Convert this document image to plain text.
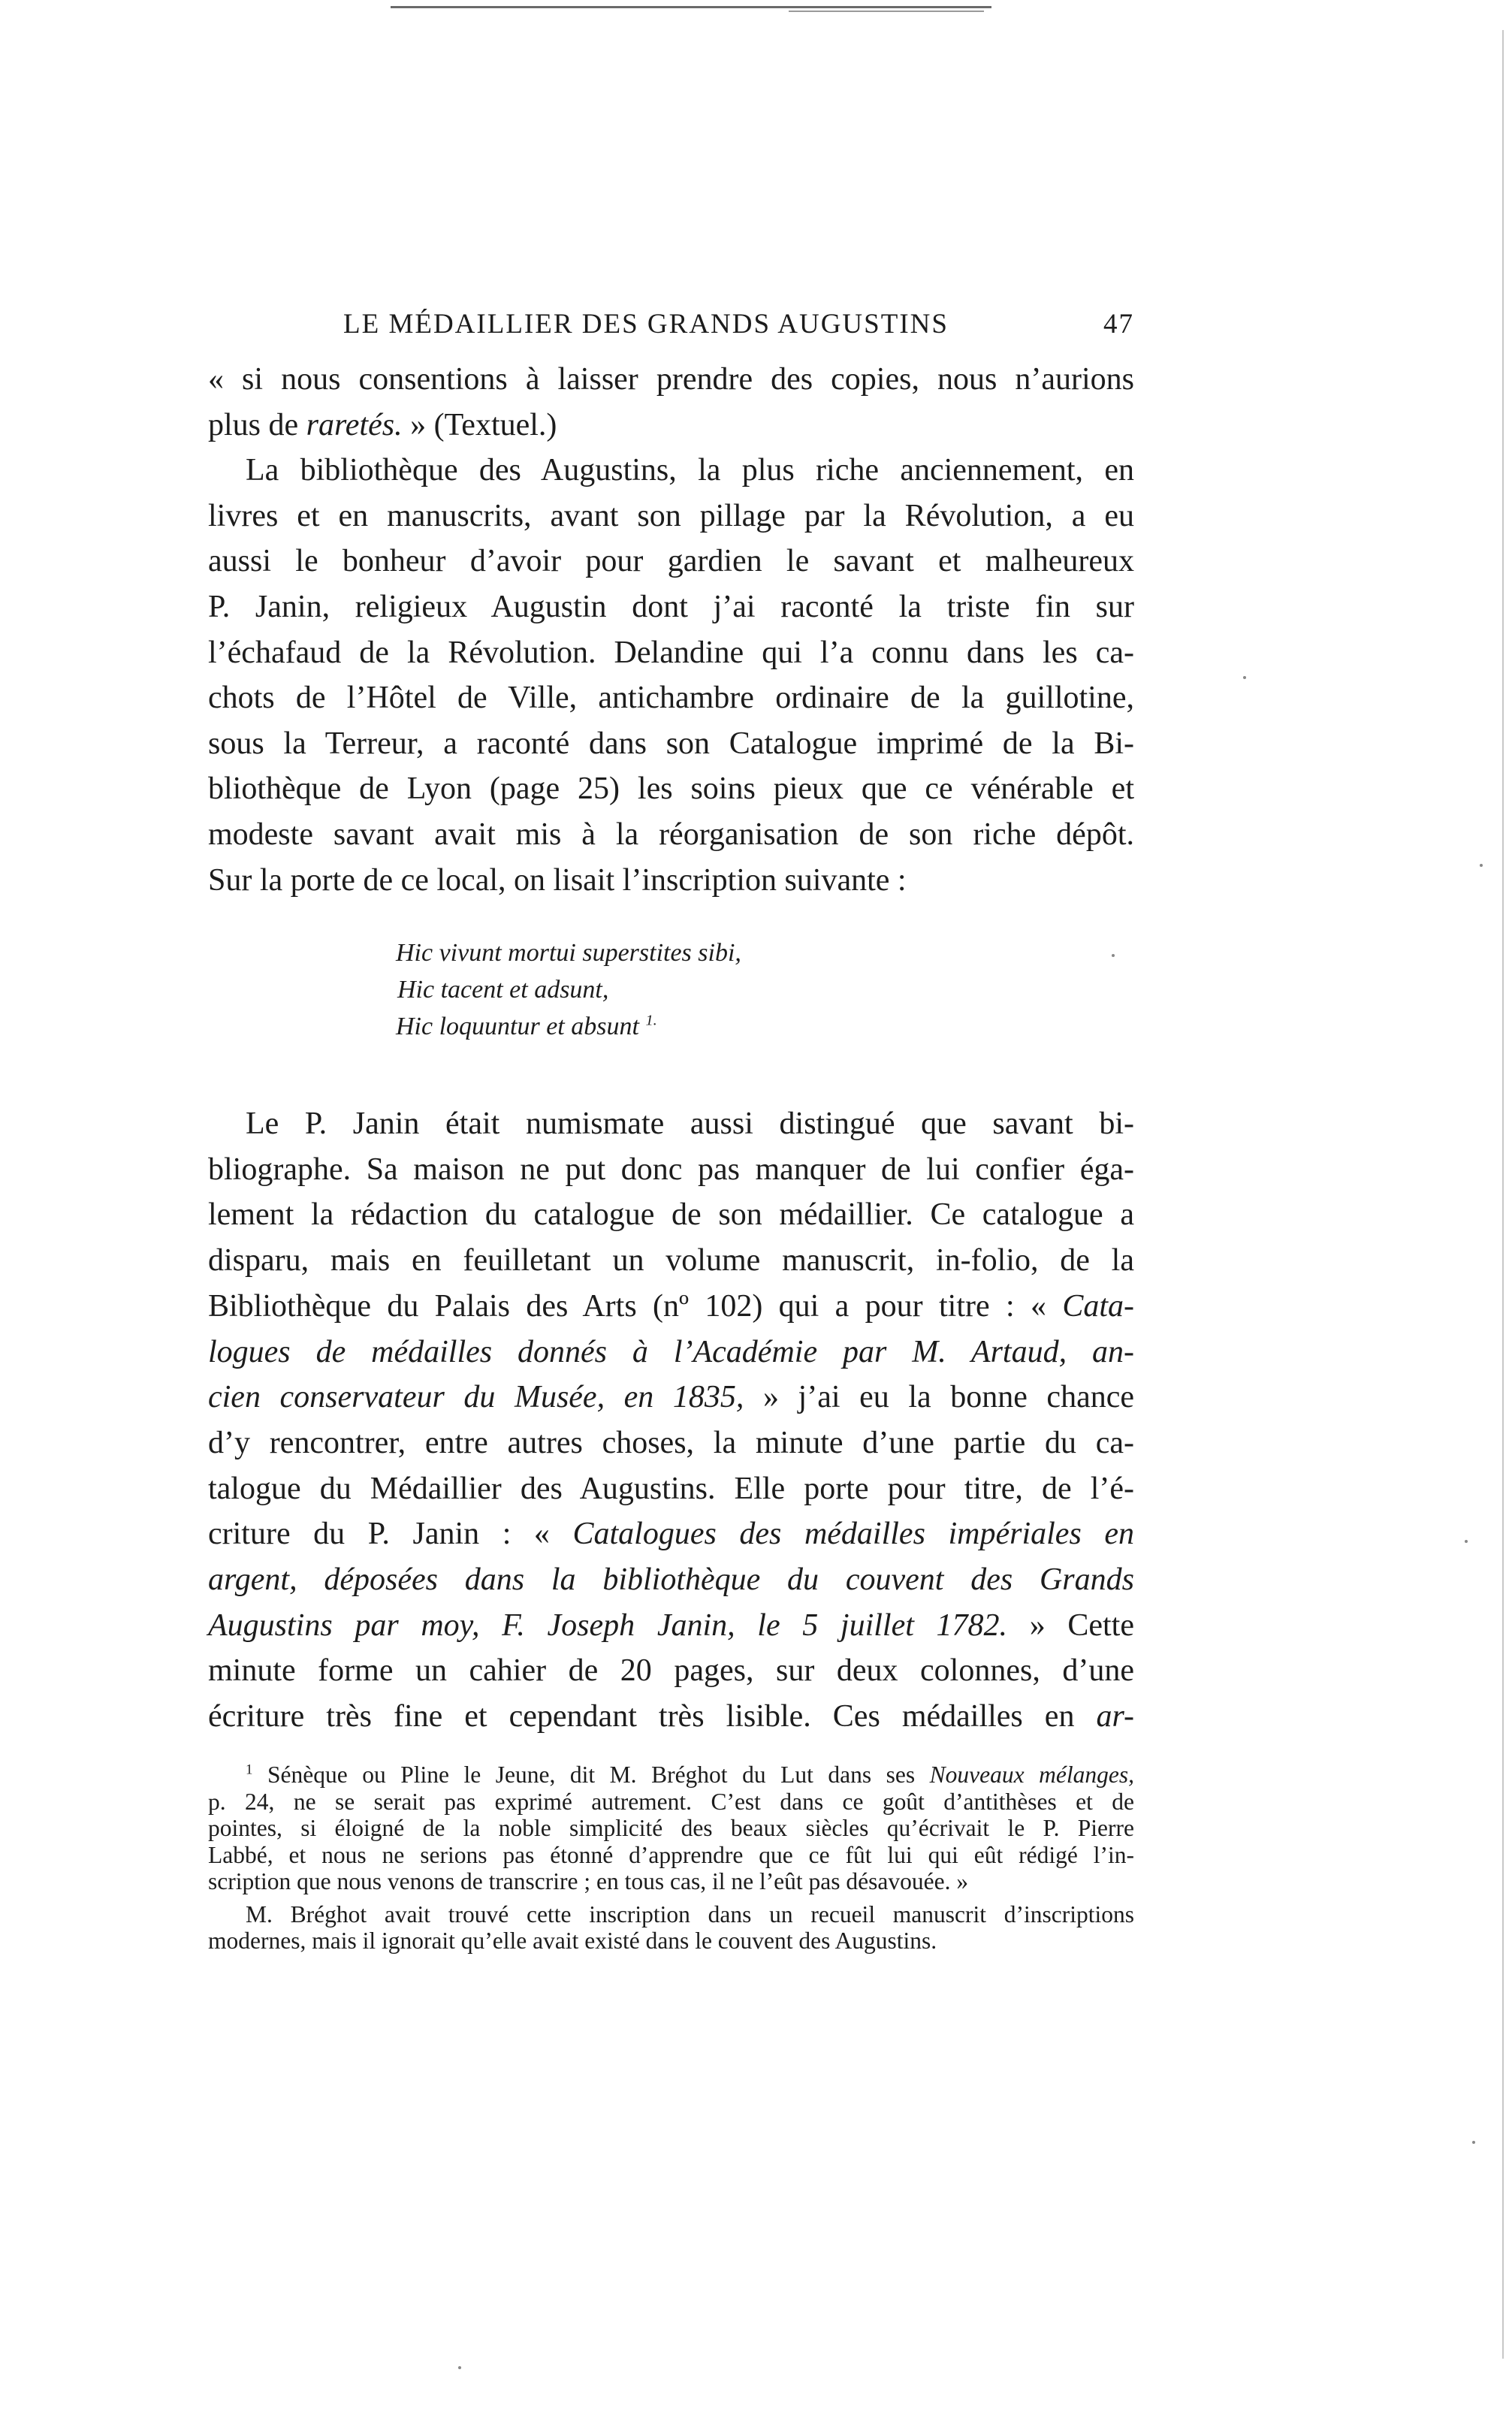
LE MÉDAILLIER DES GRANDS AUGUSTINS	47
« si nous consentions à laisser prendre des copies, nous n’aurions
plus de raretés. » (Textuel.)
La bibliothèque des Augustins, la plus riche anciennement, en
livres et en manuscrits, avant son pillage par la Révolution, a eu
aussi le bonheur d’avoir pour gardien le savant et malheureux
P. Janin, religieux Augustin dont j’ai raconté la triste fin sur
l’échafaud de la Révolution. Delandine qui l’a connu dans les ca-
chots de l’Hôtel de Ville, antichambre ordinaire de la guillotine,
sous la Terreur, a raconté dans son Catalogue imprimé de la Bi-
bliothèque de Lyon (page 25) les soins pieux que ce vénérable et
modeste savant avait mis à la réorganisation de son riche dépôt.
Sur la porte de ce local, on lisait l’inscription suivante :
Hic vivunt mortui superstites sibi,
Hic tacent et adsunt,
Hic loquuntur et absunt $^{1.}$
Le P. Janin était numismate aussi distingué que savant bi-
bliographe. Sa maison ne put donc pas manquer de lui confier éga-
lement la rédaction du catalogue de son médaillier. Ce catalogue a
disparu, mais en feuilletant un volume manuscrit, in-folio, de la
Bibliothèque du Palais des Arts (nº 102) qui a pour titre : « Cata-
logues de médailles donnés à l’Académie par M. Artaud, an-
cien conservateur du Musée, en 1835, » j’ai eu la bonne chance
d’y rencontrer, entre autres choses, la minute d’une partie du ca-
talogue du Médaillier des Augustins. Elle porte pour titre, de l’é-
criture du P. Janin : « Catalogues des médailles impériales en
argent, déposées dans la bibliothèque du couvent des Grands
Augustins par moy, F. Joseph Janin, le 5 juillet 1782. » Cette
minute forme un cahier de 20 pages, sur deux colonnes, d’une
écriture très fine et cependant très lisible. Ces médailles en ar-
$^1$ Sénèque ou Pline le Jeune, dit M. Bréghot du Lut dans ses Nouveaux mélanges,
p. 24, ne se serait pas exprimé autrement. C’est dans ce goût d’antithèses et de
pointes, si éloigné de la noble simplicité des beaux siècles qu’écrivait le P. Pierre
Labbé, et nous ne serions pas étonné d’apprendre que ce fût lui qui eût rédigé l’in-
scription que nous venons de transcrire ; en tous cas, il ne l’eût pas désavouée. »
M. Bréghot avait trouvé cette inscription dans un recueil manuscrit d’inscriptions
modernes, mais il ignorait qu’elle avait existé dans le couvent des Augustins.
